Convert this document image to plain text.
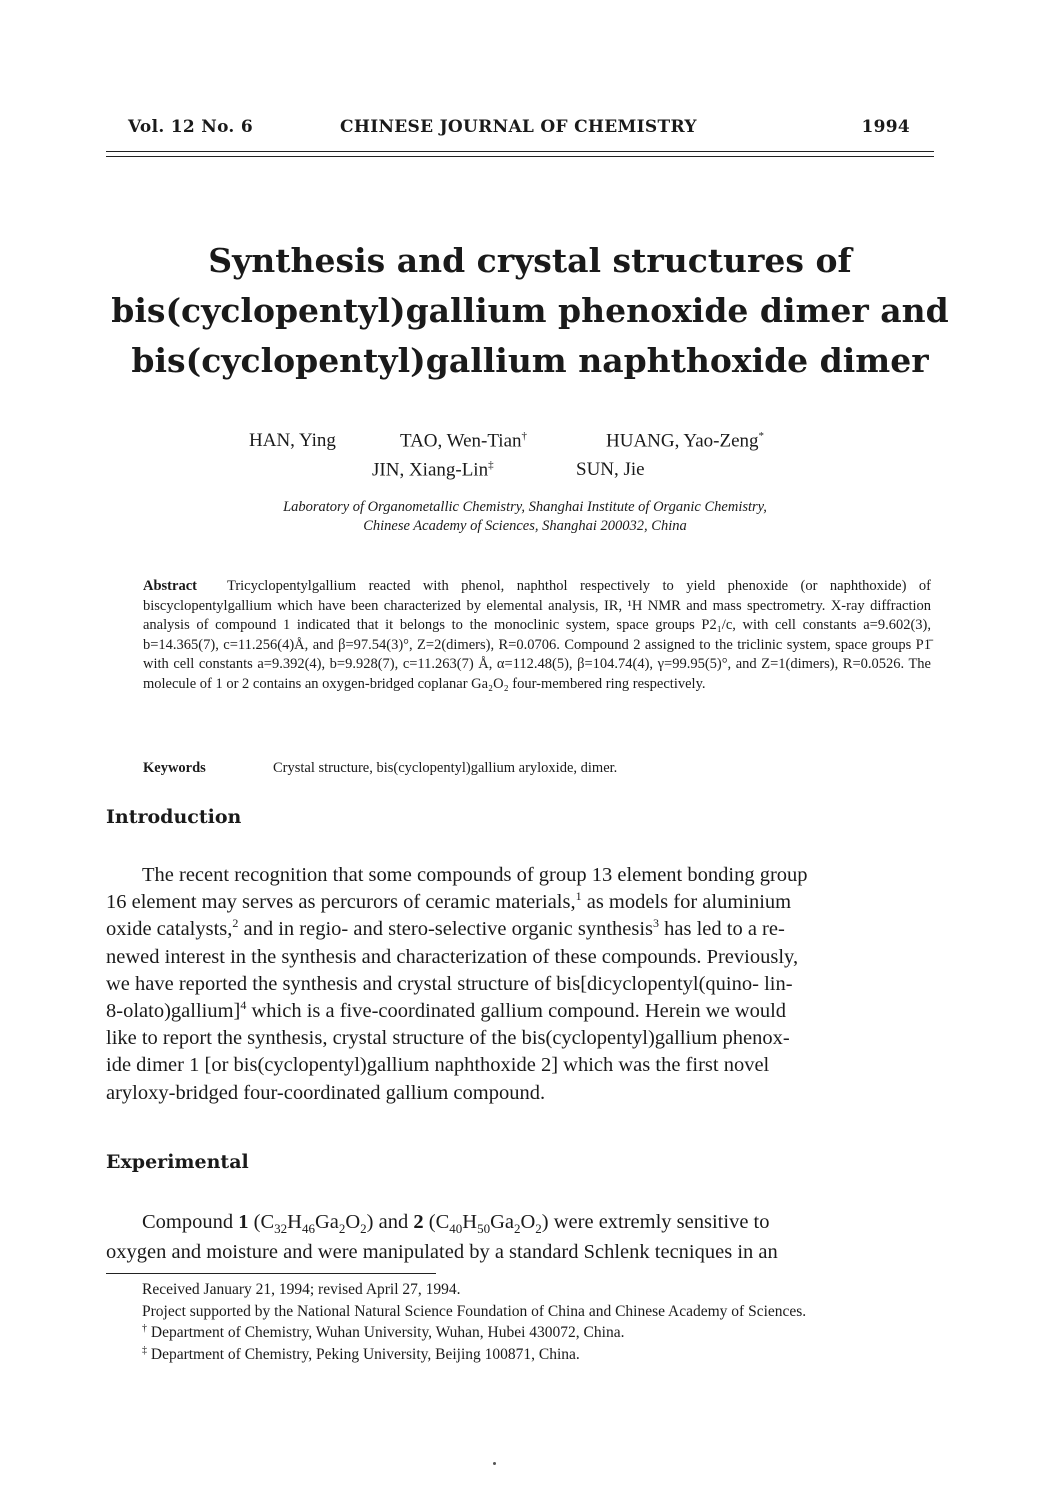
Vol. 12 No. 6	CHINESE JOURNAL OF CHEMISTRY	1994
Synthesis and crystal structures of
bis(cyclopentyl)gallium phenoxide dimer and
bis(cyclopentyl)gallium naphthoxide dimer
HAN, Ying	TAO, Wen-Tian†	HUANG, Yao-Zeng*
JIN, Xiang-Lin‡	SUN, Jie
Laboratory of Organometallic Chemistry, Shanghai Institute of Organic Chemistry,
Chinese Academy of Sciences, Shanghai 200032, China
Abstract Tricyclopentylgallium reacted with phenol, naphthol respectively to yield phenoxide (or naphthoxide) of biscyclopentylgallium which have been characterized by elemental analysis, IR, ¹H NMR and mass spectrometry. X-ray diffraction analysis of compound 1 indicated that it belongs to the monoclinic system, space groups P2₁/c, with cell constants a=9.602(3), b=14.365(7), c=11.256(4)Å, and β=97.54(3)°, Z=2(dimers), R=0.0706. Compound 2 assigned to the triclinic system, space groups P1̄ with cell constants a=9.392(4), b=9.928(7), c=11.263(7) Å, α=112.48(5), β=104.74(4), γ=99.95(5)°, and Z=1(dimers), R=0.0526. The molecule of 1 or 2 contains an oxygen-bridged coplanar Ga₂O₂ four-membered ring respectively.
Keywords	Crystal structure, bis(cyclopentyl)gallium aryloxide, dimer.
Introduction
The recent recognition that some compounds of group 13 element bonding group
16 element may serves as percurors of ceramic materials,$^1$ as models for aluminium
oxide catalysts,$^2$ and in regio- and stero-selective organic synthesis$^3$ has led to a re-
newed interest in the synthesis and characterization of these compounds. Previously,
we have reported the synthesis and crystal structure of bis[dicyclopentyl(quino- lin-
8-olato)gallium]$^4$ which is a five-coordinated gallium compound. Herein we would
like to report the synthesis, crystal structure of the bis(cyclopentyl)gallium phenox-
ide dimer 1 [or bis(cyclopentyl)gallium naphthoxide 2] which was the first novel
aryloxy-bridged four-coordinated gallium compound.
Experimental
Compound 1 $(C_{32}H_{46}Ga_2O_2)$ and 2 $(C_{40}H_{50}Ga_2O_2)$ were extremly sensitive to
oxygen and moisture and were manipulated by a standard Schlenk tecniques in an
Received January 21, 1994; revised April 27, 1994.
Project supported by the National Natural Science Foundation of China and Chinese Academy of Sciences.
† Department of Chemistry, Wuhan University, Wuhan, Hubei 430072, China.
‡ Department of Chemistry, Peking University, Beijing 100871, China.
